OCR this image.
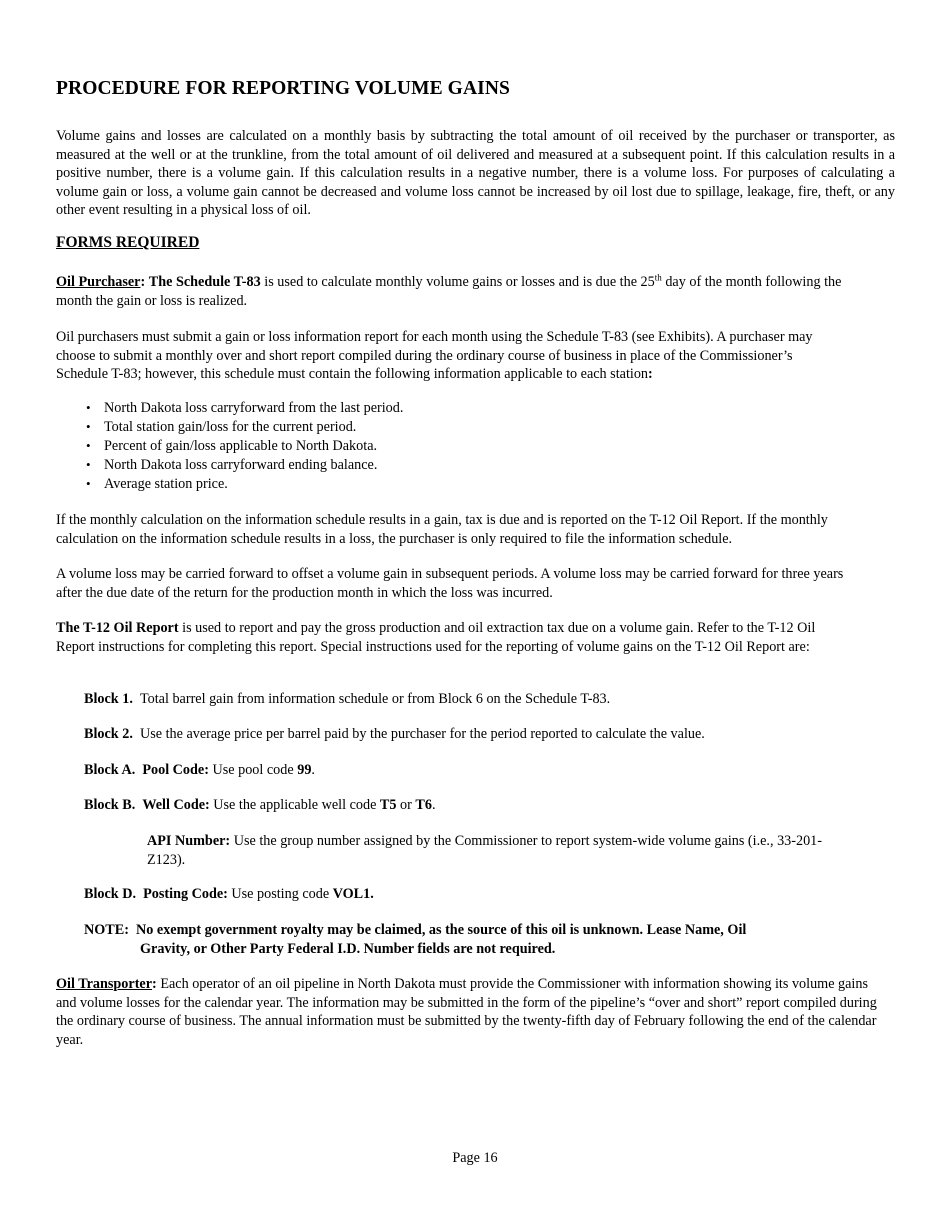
PROCEDURE FOR REPORTING VOLUME GAINS

Volume gains and losses are calculated on a monthly basis by subtracting the total amount of oil received by the purchaser or transporter, as measured at the well or at the trunkline, from the total amount of oil delivered and measured at a subsequent point. If this calculation results in a positive number, there is a volume gain. If this calculation results in a negative number, there is a volume loss. For purposes of calculating a volume gain or loss, a volume gain cannot be decreased and volume loss cannot be increased by oil lost due to spillage, leakage, fire, theft, or any other event resulting in a physical loss of oil.

FORMS REQUIRED

Oil Purchaser: The Schedule T-83 is used to calculate monthly volume gains or losses and is due the 25th day of the month following the month the gain or loss is realized.

Oil purchasers must submit a gain or loss information report for each month using the Schedule T-83 (see Exhibits). A purchaser may choose to submit a monthly over and short report compiled during the ordinary course of business in place of the Commissioner’s Schedule T-83; however, this schedule must contain the following information applicable to each station:

• North Dakota loss carryforward from the last period.
• Total station gain/loss for the current period.
• Percent of gain/loss applicable to North Dakota.
• North Dakota loss carryforward ending balance.
• Average station price.

If the monthly calculation on the information schedule results in a gain, tax is due and is reported on the T-12 Oil Report. If the monthly calculation on the information schedule results in a loss, the purchaser is only required to file the information schedule.

A volume loss may be carried forward to offset a volume gain in subsequent periods. A volume loss may be carried forward for three years after the due date of the return for the production month in which the loss was incurred.

The T-12 Oil Report is used to report and pay the gross production and oil extraction tax due on a volume gain. Refer to the T-12 Oil Report instructions for completing this report. Special instructions used for the reporting of volume gains on the T-12 Oil Report are:

Block 1. Total barrel gain from information schedule or from Block 6 on the Schedule T-83.

Block 2. Use the average price per barrel paid by the purchaser for the period reported to calculate the value.

Block A. Pool Code: Use pool code 99.

Block B. Well Code: Use the applicable well code T5 or T6.

API Number: Use the group number assigned by the Commissioner to report system-wide volume gains (i.e., 33-201-Z123).

Block D. Posting Code: Use posting code VOL1.

NOTE: No exempt government royalty may be claimed, as the source of this oil is unknown. Lease Name, Oil
Gravity, or Other Party Federal I.D. Number fields are not required.

Oil Transporter: Each operator of an oil pipeline in North Dakota must provide the Commissioner with information showing its volume gains and volume losses for the calendar year. The information may be submitted in the form of the pipeline’s “over and short” report compiled during the ordinary course of business. The annual information must be submitted by the twenty-fifth day of February following the end of the calendar year.

Page 16
